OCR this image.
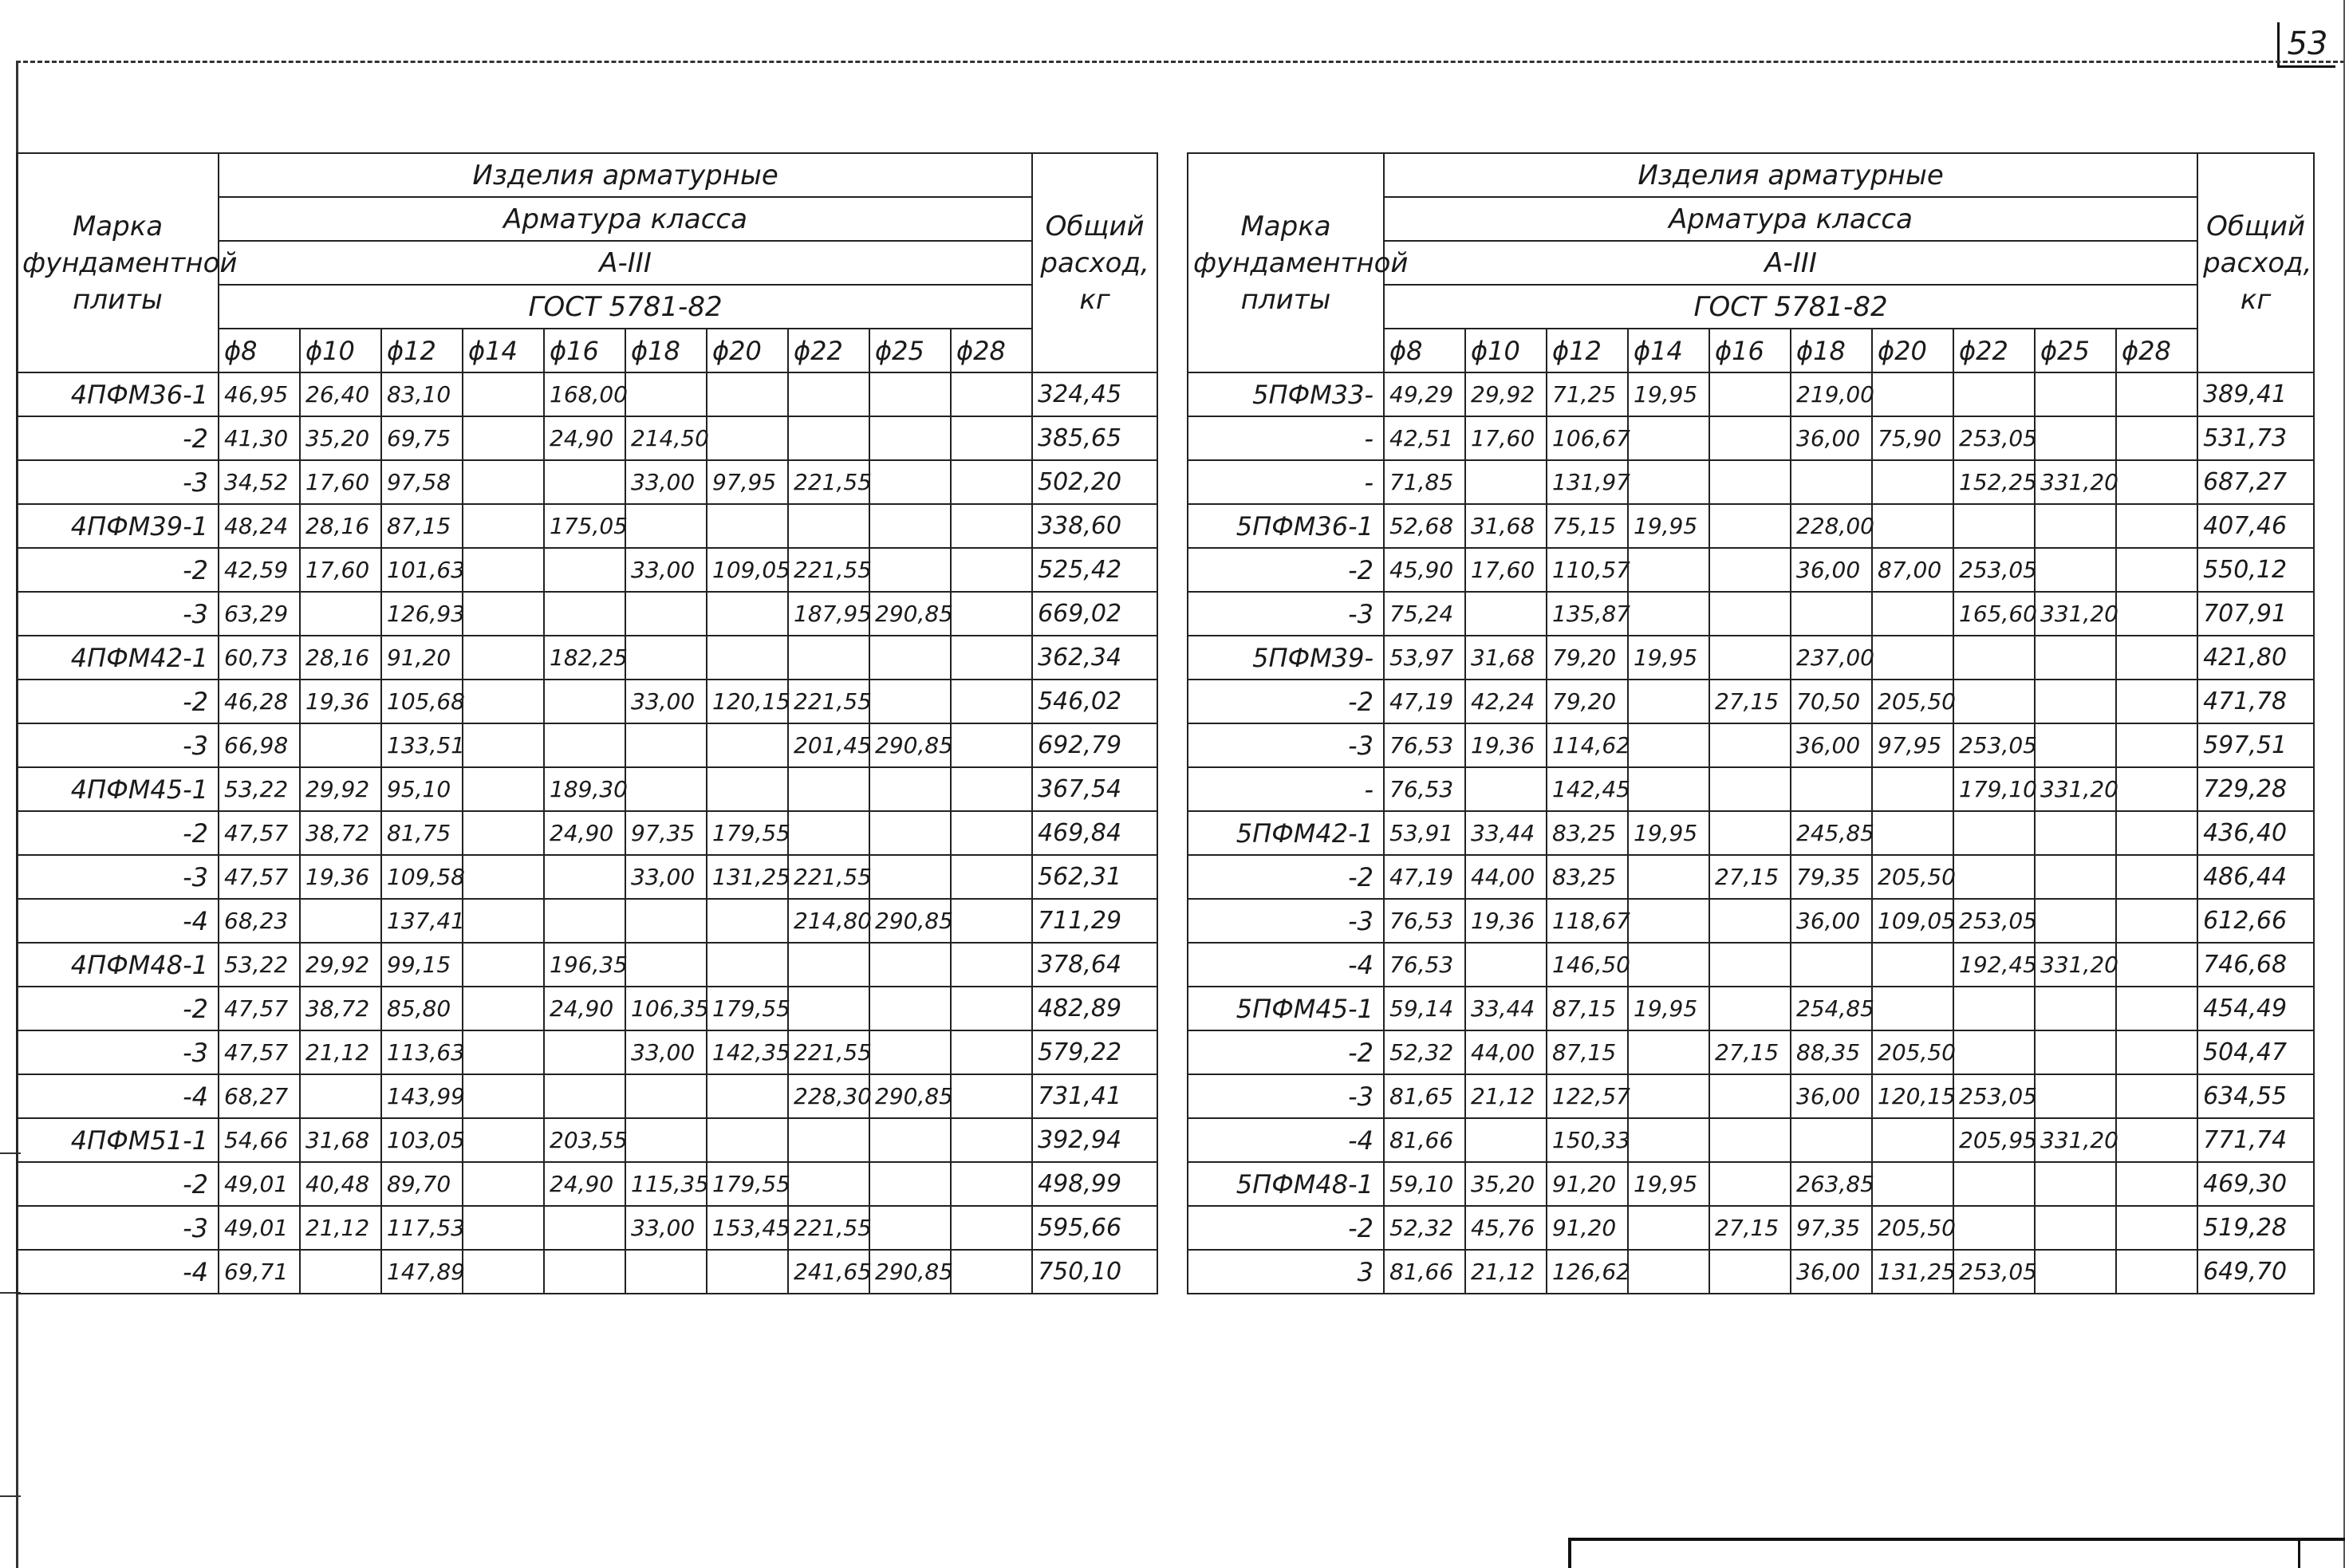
53
Марка фундаментной плиты	Изделия арматурные										Общий расход, кг
	Арматура класса										
	А-III										
	ГОСТ 5781-82										
	ϕ8	ϕ10	ϕ12	ϕ14	ϕ16	ϕ18	ϕ20	ϕ22	ϕ25	ϕ28	
4ПФМ36-1	46,95	26,40	83,10		168,00						324,45
-2	41,30	35,20	69,75		24,90	214,50					385,65
-3	34,52	17,60	97,58			33,00	97,95	221,55			502,20
4ПФМ39-1	48,24	28,16	87,15		175,05						338,60
-2	42,59	17,60	101,63			33,00	109,05	221,55			525,42
-3	63,29		126,93					187,95	290,85		669,02
4ПФМ42-1	60,73	28,16	91,20		182,25						362,34
-2	46,28	19,36	105,68			33,00	120,15	221,55			546,02
-3	66,98		133,51					201,45	290,85		692,79
4ПФМ45-1	53,22	29,92	95,10		189,30						367,54
-2	47,57	38,72	81,75		24,90	97,35	179,55				469,84
-3	47,57	19,36	109,58			33,00	131,25	221,55			562,31
-4	68,23		137,41					214,80	290,85		711,29
4ПФМ48-1	53,22	29,92	99,15		196,35						378,64
-2	47,57	38,72	85,80		24,90	106,35	179,55				482,89
-3	47,57	21,12	113,63			33,00	142,35	221,55			579,22
-4	68,27		143,99					228,30	290,85		731,41
4ПФМ51-1	54,66	31,68	103,05		203,55						392,94
-2	49,01	40,48	89,70		24,90	115,35	179,55				498,99
-3	49,01	21,12	117,53			33,00	153,45	221,55			595,66
-4	69,71		147,89					241,65	290,85		750,10
Марка фундаментной плиты	Изделия арматурные										Общий расход, кг
	Арматура класса										
	А-III										
	ГОСТ 5781-82										
	ϕ8	ϕ10	ϕ12	ϕ14	ϕ16	ϕ18	ϕ20	ϕ22	ϕ25	ϕ28	
5ПФМ33-	49,29	29,92	71,25	19,95		219,00					389,41
-	42,51	17,60	106,67			36,00	75,90	253,05			531,73
-	71,85		131,97					152,25	331,20		687,27
5ПФМ36-1	52,68	31,68	75,15	19,95		228,00					407,46
-2	45,90	17,60	110,57			36,00	87,00	253,05			550,12
-3	75,24		135,87					165,60	331,20		707,91
5ПФМ39-	53,97	31,68	79,20	19,95		237,00					421,80
-2	47,19	42,24	79,20		27,15	70,50	205,50				471,78
-3	76,53	19,36	114,62			36,00	97,95	253,05			597,51
-	76,53		142,45					179,10	331,20		729,28
5ПФМ42-1	53,91	33,44	83,25	19,95		245,85					436,40
-2	47,19	44,00	83,25		27,15	79,35	205,50				486,44
-3	76,53	19,36	118,67			36,00	109,05	253,05			612,66
-4	76,53		146,50					192,45	331,20		746,68
5ПФМ45-1	59,14	33,44	87,15	19,95		254,85					454,49
-2	52,32	44,00	87,15		27,15	88,35	205,50				504,47
-3	81,65	21,12	122,57			36,00	120,15	253,05			634,55
-4	81,66		150,33					205,95	331,20		771,74
5ПФМ48-1	59,10	35,20	91,20	19,95		263,85					469,30
-2	52,32	45,76	91,20		27,15	97,35	205,50				519,28
3	81,66	21,12	126,62			36,00	131,25	253,05			649,70
